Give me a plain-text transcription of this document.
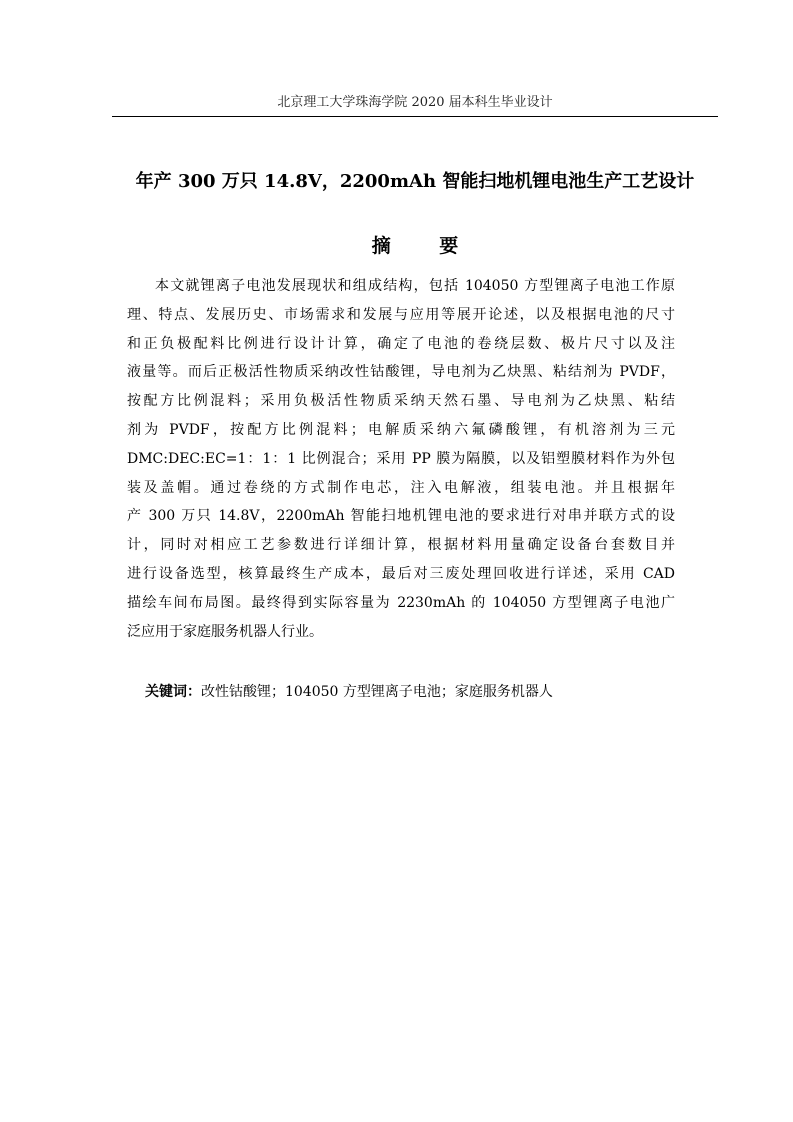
北京理工大学珠海学院 2020 届本科生毕业设计
年产 300 万只 14.8V，2200mAh 智能扫地机锂电池生产工艺设计
摘 要
本文就锂离子电池发展现状和组成结构，包括 104050 方型锂离子电池工作原
理、特点、发展历史、市场需求和发展与应用等展开论述，以及根据电池的尺寸
和正负极配料比例进行设计计算，确定了电池的卷绕层数、极片尺寸以及注
液量等。而后正极活性物质采纳改性钴酸锂，导电剂为乙炔黑、粘结剂为 PVDF，
按配方比例混料；采用负极活性物质采纳天然石墨、导电剂为乙炔黑、粘结
剂为 PVDF，按配方比例混料；电解质采纳六氟磷酸锂，有机溶剂为三元
DMC:DEC:EC=1：1：1 比例混合；采用 PP 膜为隔膜，以及铝塑膜材料作为外包
装及盖帽。通过卷绕的方式制作电芯，注入电解液，组装电池。并且根据年
产 300 万只 14.8V，2200mAh 智能扫地机锂电池的要求进行对串并联方式的设
计，同时对相应工艺参数进行详细计算，根据材料用量确定设备台套数目并
进行设备选型，核算最终生产成本，最后对三废处理回收进行详述，采用 CAD
描绘车间布局图。最终得到实际容量为 2230mAh 的 104050 方型锂离子电池广
泛应用于家庭服务机器人行业。
关键词：改性钴酸锂；104050 方型锂离子电池；家庭服务机器人
